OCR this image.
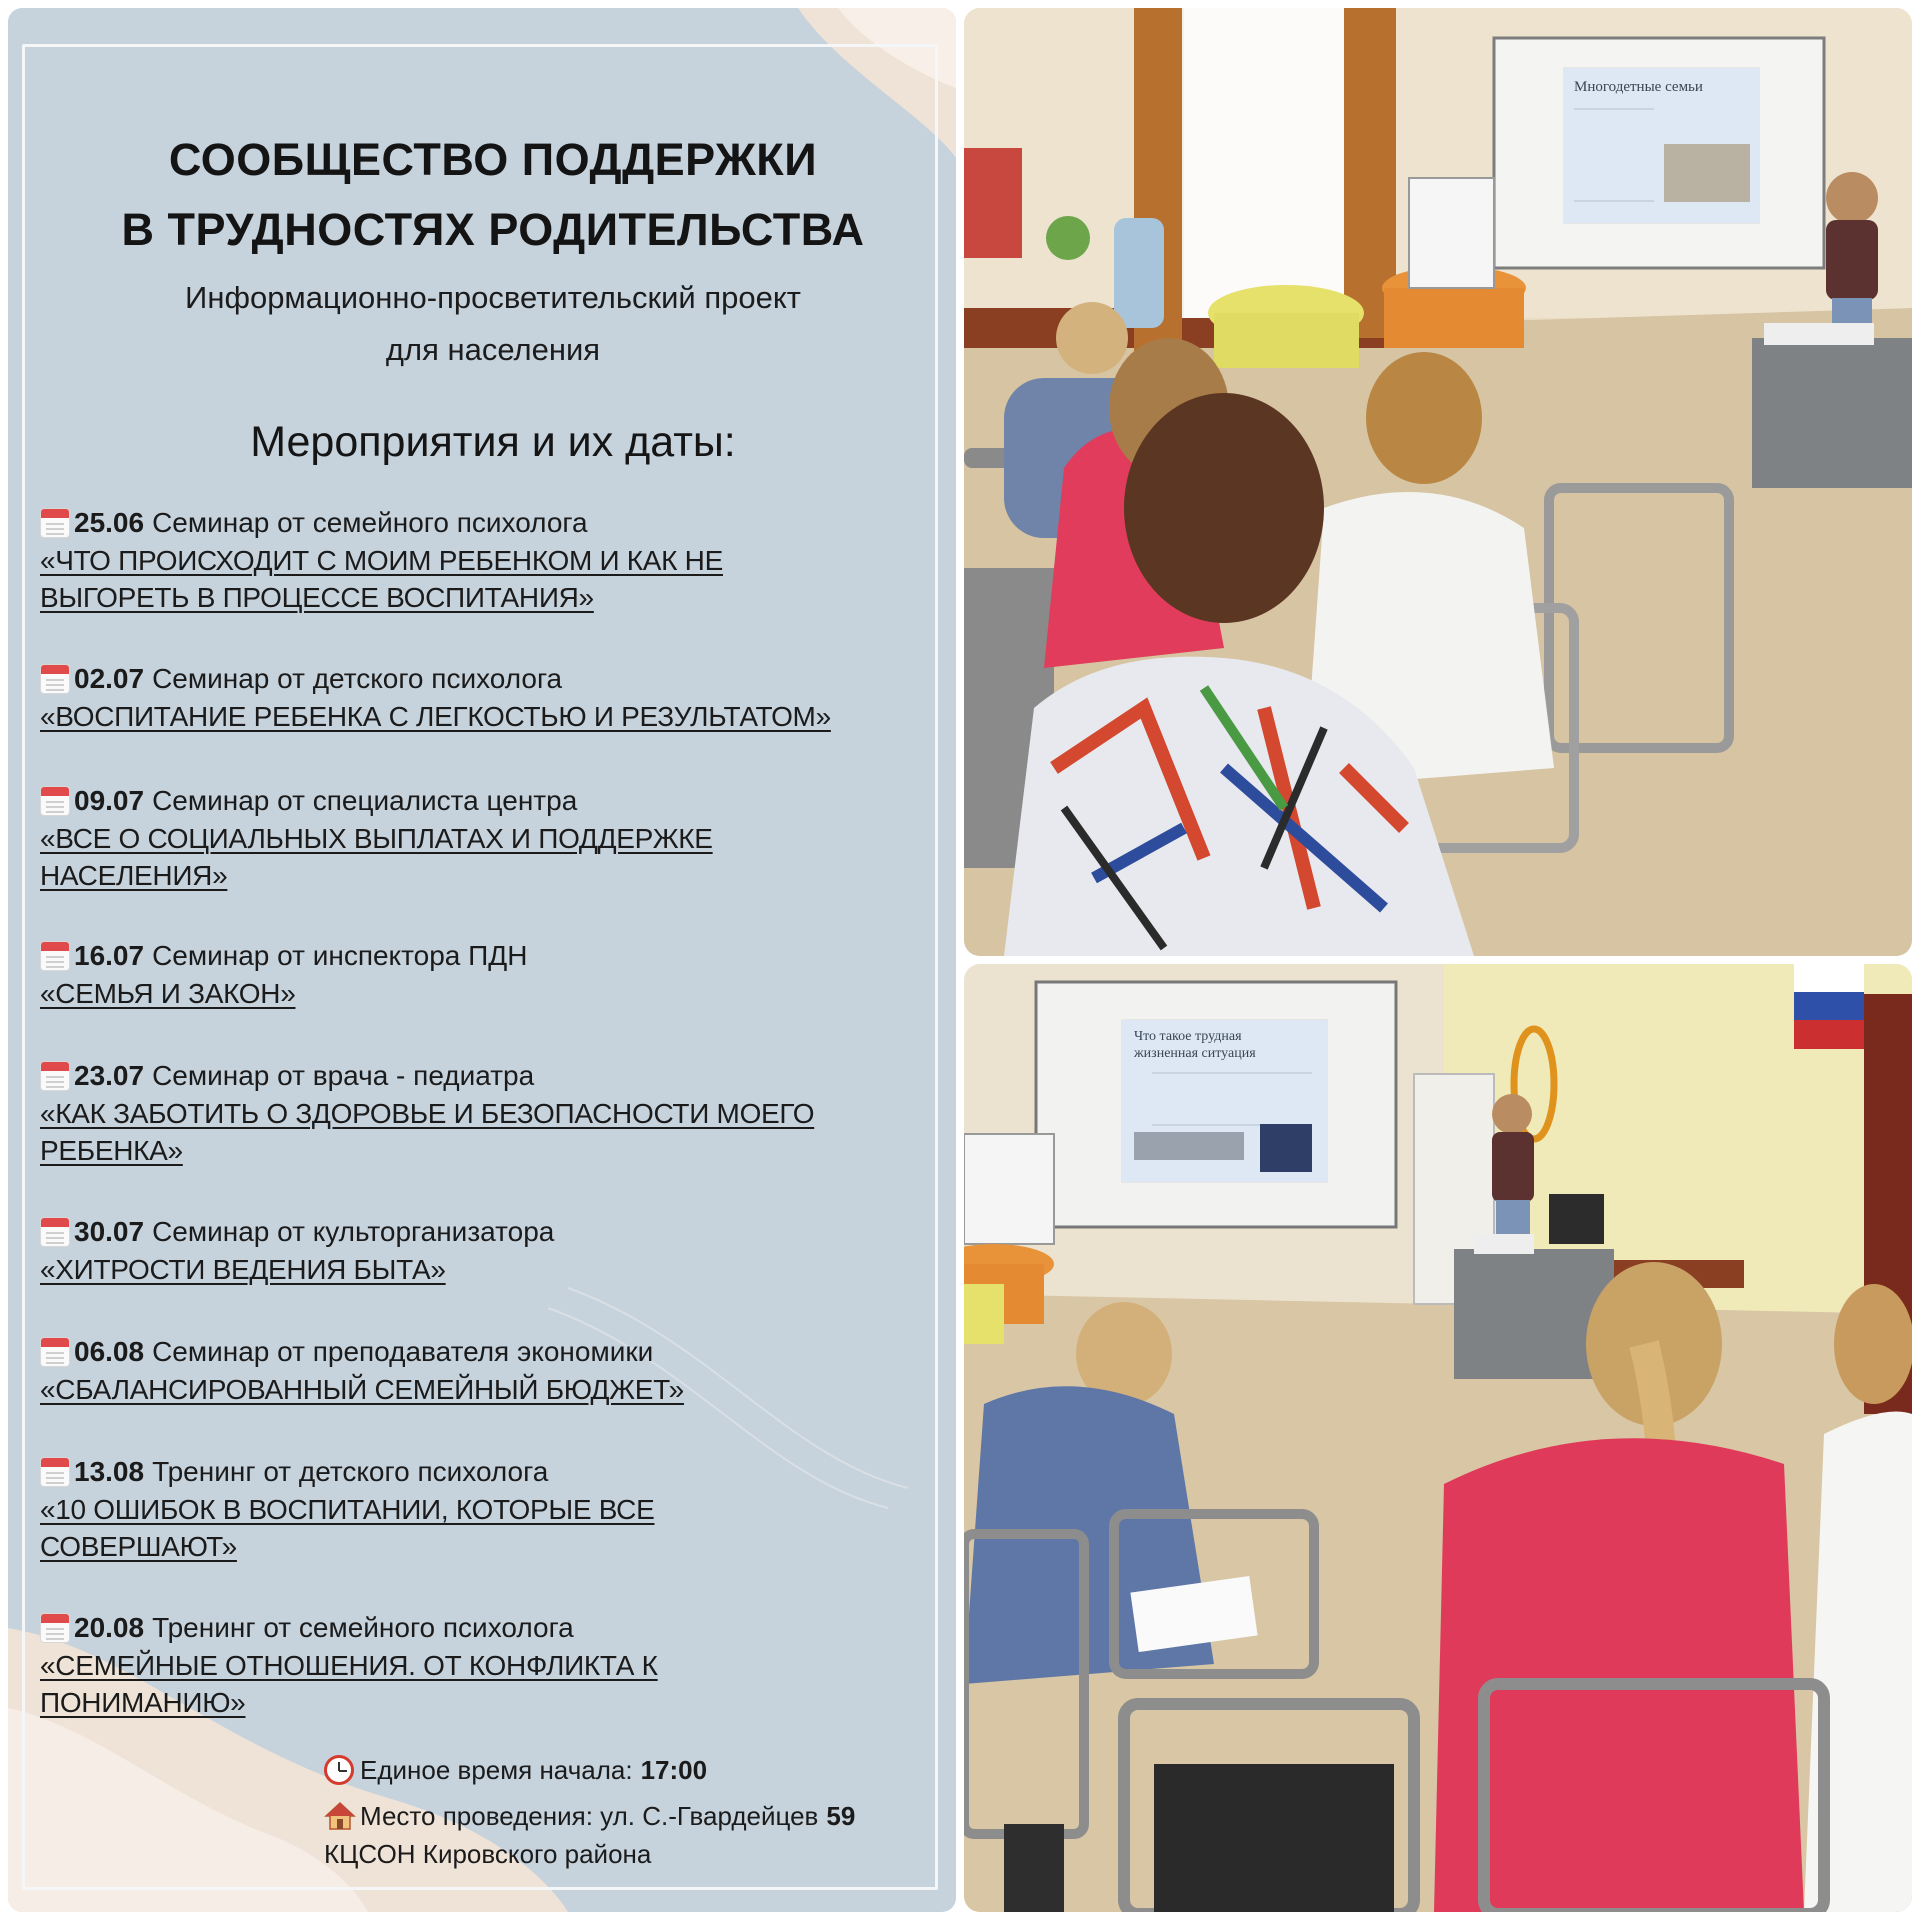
СООБЩЕСТВО ПОДДЕРЖКИ
В ТРУДНОСТЯХ РОДИТЕЛЬСТВА
Информационно-просветительский проект
для населения
Мероприятия и их даты:
25.06 Семинар от семейного психолога
«ЧТО ПРОИСХОДИТ С МОИМ РЕБЕНКОМ И КАК НЕ
ВЫГОРЕТЬ В ПРОЦЕССЕ ВОСПИТАНИЯ»
02.07 Семинар от детского психолога
«ВОСПИТАНИЕ РЕБЕНКА С ЛЕГКОСТЬЮ И РЕЗУЛЬТАТОМ»
09.07 Семинар от специалиста центра
«ВСЕ О СОЦИАЛЬНЫХ ВЫПЛАТАХ И ПОДДЕРЖКЕ
НАСЕЛЕНИЯ»
16.07 Семинар от инспектора ПДН
«СЕМЬЯ И ЗАКОН»
23.07 Семинар от врача - педиатра
«КАК ЗАБОТИТЬ О ЗДОРОВЬЕ И БЕЗОПАСНОСТИ МОЕГО
РЕБЕНКА»
30.07 Семинар от культорганизатора
«ХИТРОСТИ ВЕДЕНИЯ БЫТА»
06.08 Семинар от преподавателя экономики
«СБАЛАНСИРОВАННЫЙ СЕМЕЙНЫЙ БЮДЖЕТ»
13.08 Тренинг от детского психолога
«10 ОШИБОК В ВОСПИТАНИИ, КОТОРЫЕ ВСЕ
СОВЕРШАЮТ»
20.08 Тренинг от семейного психолога
«СЕМЕЙНЫЕ ОТНОШЕНИЯ. ОТ КОНФЛИКТА К
ПОНИМАНИЮ»
Единое время начала: 17:00
Место проведения: ул. С.-Гвардейцев 59
КЦСОН Кировского района
Многодетные семьи
Что такое трудная
жизненная ситуация
